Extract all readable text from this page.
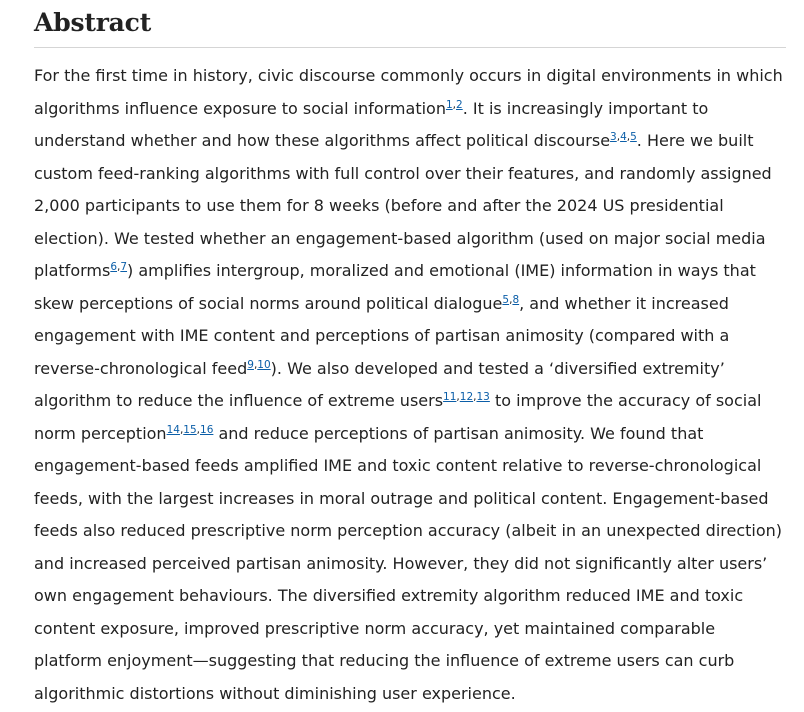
Abstract

For the first time in history, civic discourse commonly occurs in digital environments in which algorithms influence exposure to social information$^{1,2}$. It is increasingly important to understand whether and how these algorithms affect political discourse$^{3,4,5}$. Here we built custom feed-ranking algorithms with full control over their features, and randomly assigned 2,000 participants to use them for 8 weeks (before and after the 2024 US presidential election). We tested whether an engagement-based algorithm (used on major social media platforms$^{6,7}$) amplifies intergroup, moralized and emotional (IME) information in ways that skew perceptions of social norms around political dialogue$^{5,8}$, and whether it increased engagement with IME content and perceptions of partisan animosity (compared with a reverse-chronological feed$^{9,10}$). We also developed and tested a ‘diversified extremity’ algorithm to reduce the influence of extreme users$^{11,12,13}$ to improve the accuracy of social norm perception$^{14,15,16}$ and reduce perceptions of partisan animosity. We found that engagement-based feeds amplified IME and toxic content relative to reverse-chronological feeds, with the largest increases in moral outrage and political content. Engagement-based feeds also reduced prescriptive norm perception accuracy (albeit in an unexpected direction) and increased perceived partisan animosity. However, they did not significantly alter users’ own engagement behaviours. The diversified extremity algorithm reduced IME and toxic content exposure, improved prescriptive norm accuracy, yet maintained comparable platform enjoyment—suggesting that reducing the influence of extreme users can curb algorithmic distortions without diminishing user experience.
